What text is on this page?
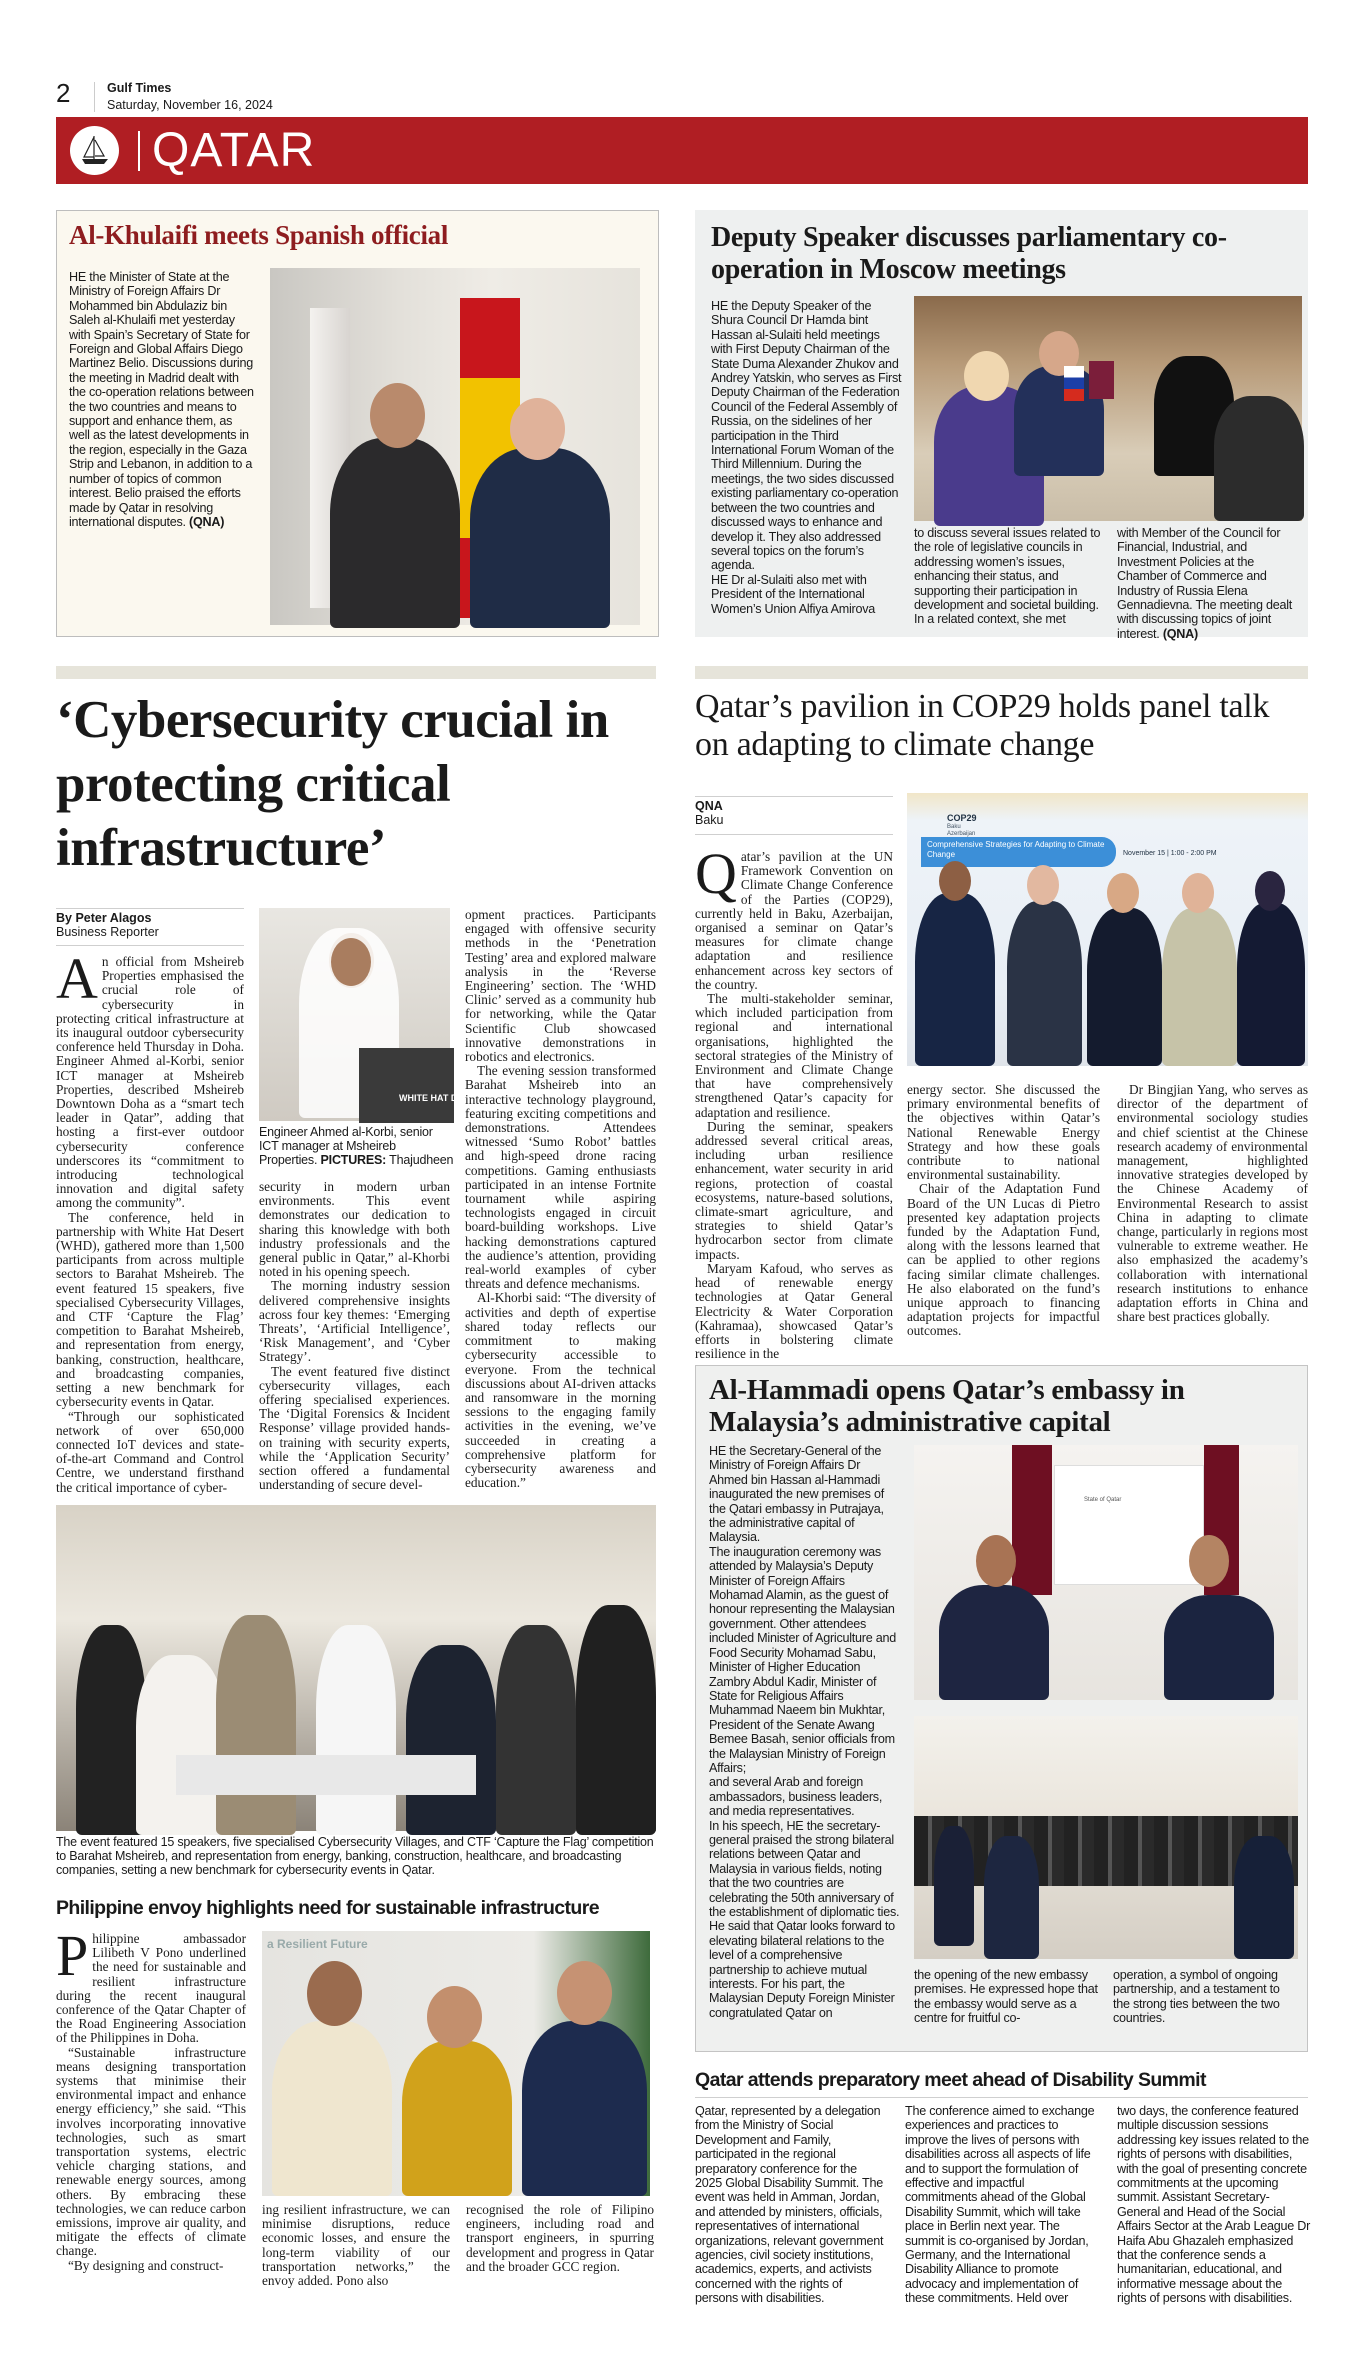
2	Gulf Times
Saturday, November 16, 2024
QATAR
Al-Khulaifi meets Spanish official

HE the Minister of State at the Ministry of Foreign Affairs Dr Mohammed bin Abdulaziz bin Saleh al-Khulaifi met yesterday with Spain’s Secretary of State for Foreign and Global Affairs Diego Martinez Belio. Discussions during the meeting in Madrid dealt with the co-operation relations between the two countries and means to support and enhance them, as well as the latest developments in the region, especially in the Gaza Strip and Lebanon, in addition to a number of topics of common interest. Belio praised the efforts made by Qatar in resolving international disputes. (QNA)

Deputy Speaker discusses parliamentary co-operation in Moscow meetings

HE the Deputy Speaker of the Shura Council Dr Hamda bint Hassan al-Sulaiti held meetings with First Deputy Chairman of the State Duma Alexander Zhukov and Andrey Yatskin, who serves as First Deputy Chairman of the Federation Council of the Federal Assembly of Russia, on the sidelines of her participation in the Third International Forum Woman of the Third Millennium. During the meetings, the two sides discussed existing parliamentary co-operation between the two countries and discussed ways to enhance and develop it. They also addressed several topics on the forum’s agenda.

HE Dr al-Sulaiti also met with President of the International Women’s Union Alfiya Amirova

to discuss several issues related to the role of legislative councils in addressing women’s issues, enhancing their status, and supporting their participation in development and societal building. In a related context, she met

with Member of the Council for Financial, Industrial, and Investment Policies at the Chamber of Commerce and Industry of Russia Elena Gennadievna. The meeting dealt with discussing topics of joint interest. (QNA)

‘Cybersecurity crucial in protecting critical infrastructure’
By Peter Alagos
Business Reporter

An official from Msheireb Properties emphasised the crucial role of cybersecurity in protecting critical infrastructure at its inaugural outdoor cybersecurity conference held Thursday in Doha. Engineer Ahmed al-Korbi, senior ICT manager at Msheireb Properties, described Msheireb Downtown Doha as a “smart tech leader in Qatar”, adding that hosting a first-ever outdoor cybersecurity conference underscores its “commitment to introducing technological innovation and digital safety among the community”.

The conference, held in partnership with White Hat Desert (WHD), gathered more than 1,500 participants from across multiple sectors to Barahat Msheireb. The event featured 15 speakers, five specialised Cybersecurity Villages, and CTF ‘Capture the Flag’ competition to Barahat Msheireb, and representation from energy, banking, construction, healthcare, and broadcasting companies, setting a new benchmark for cybersecurity events in Qatar.

“Through our sophisticated network of over 650,000 connected IoT devices and state-of-the-art Command and Control Centre, we understand firsthand the critical importance of cyber-

WHITE HAT DESERT
Engineer Ahmed al-Korbi, senior ICT manager at Msheireb Properties. PICTURES: Thajudheen

security in modern urban environments. This event demonstrates our dedication to sharing this knowledge with both industry professionals and the general public in Qatar,” al-Khorbi noted in his opening speech.

The morning industry session delivered comprehensive insights across four key themes: ‘Emerging Threats’, ‘Artificial Intelligence’, ‘Risk Management’, and ‘Cyber Strategy’.

The event featured five distinct cybersecurity villages, each offering specialised experiences. The ‘Digital Forensics & Incident Response’ village provided hands-on training with security experts, while the ‘Application Security’ section offered a fundamental understanding of secure devel-

opment practices. Participants engaged with offensive security methods in the ‘Penetration Testing’ area and explored malware analysis in the ‘Reverse Engineering’ section. The ‘WHD Clinic’ served as a community hub for networking, while the Qatar Scientific Club showcased innovative demonstrations in robotics and electronics.

The evening session transformed Barahat Msheireb into an interactive technology playground, featuring exciting competitions and demonstrations. Attendees witnessed ‘Sumo Robot’ battles and high-speed drone racing competitions. Gaming enthusiasts participated in an intense Fortnite tournament while aspiring technologists engaged in circuit board-building workshops. Live hacking demonstrations captured the audience’s attention, providing real-world examples of cyber threats and defence mechanisms.

Al-Khorbi said: “The diversity of activities and depth of expertise shared today reflects our commitment to making cybersecurity accessible to everyone. From the technical discussions about AI-driven attacks and ransomware in the morning sessions to the engaging family activities in the evening, we’ve succeeded in creating a comprehensive platform for cybersecurity awareness and education.”

The event featured 15 speakers, five specialised Cybersecurity Villages, and CTF ‘Capture the Flag’ competition to Barahat Msheireb, and representation from energy, banking, construction, healthcare, and broadcasting companies, setting a new benchmark for cybersecurity events in Qatar.
Philippine envoy highlights need for sustainable infrastructure

Philippine ambassador Lilibeth V Pono underlined the need for sustainable and resilient infrastructure during the recent inaugural conference of the Qatar Chapter of the Road Engineering Association of the Philippines in Doha.

“Sustainable infrastructure means designing transportation systems that minimise their environmental impact and enhance energy efficiency,” she said. “This involves incorporating innovative technologies, such as smart transportation systems, electric vehicle charging stations, and renewable energy sources, among others. By embracing these technologies, we can reduce carbon emissions, improve air quality, and mitigate the effects of climate change.

“By designing and construct-

a Resilient Future

ing resilient infrastructure, we can minimise disruptions, reduce economic losses, and ensure the long-term viability of our transportation networks,” the envoy added. Pono also

recognised the role of Filipino engineers, including road and transport engineers, in spurring development and progress in Qatar and the broader GCC region.

Qatar’s pavilion in COP29 holds panel talk on adapting to climate change
QNA
Baku

Qatar’s pavilion at the UN Framework Convention on Climate Change Conference of the Parties (COP29), currently held in Baku, Azerbaijan, organised a seminar on Qatar’s measures for climate change adaptation and resilience enhancement across key sectors of the country.

The multi-stakeholder seminar, which included participation from regional and international organisations, highlighted the sectoral strategies of the Ministry of Environment and Climate Change that have comprehensively strengthened Qatar’s capacity for adaptation and resilience.

During the seminar, speakers addressed several critical areas, including urban resilience enhancement, water security in arid regions, protection of coastal ecosystems, nature-based solutions, climate-smart agriculture, and strategies to shield Qatar’s hydrocarbon sector from climate impacts.

Maryam Kafoud, who serves as head of renewable energy technologies at Qatar General Electricity & Water Corporation (Kahramaa), showcased Qatar’s efforts in bolstering climate resilience in the

COP29
Baku Azerbaijan
Comprehensive Strategies for Adapting to Climate Change	November 15 | 1:00 - 2:00 PM

energy sector. She discussed the primary environmental benefits of the objectives within Qatar’s National Renewable Energy Strategy and how these goals contribute to national environmental sustainability.

Chair of the Adaptation Fund Board of the UN Lucas di Pietro presented key adaptation projects funded by the Adaptation Fund, along with the lessons learned that can be applied to other regions facing similar climate challenges. He also elaborated on the fund’s unique approach to financing adaptation projects for impactful outcomes.

Dr Bingjian Yang, who serves as director of the department of environmental sociology studies and chief scientist at the Chinese research academy of environmental management, highlighted innovative strategies developed by the Chinese Academy of Environmental Research to assist China in adapting to climate change, particularly in regions most vulnerable to extreme weather. He also emphasized the academy’s collaboration with international research institutions to enhance adaptation efforts in China and share best practices globally.

Al-Hammadi opens Qatar’s embassy in Malaysia’s administrative capital

HE the Secretary-General of the Ministry of Foreign Affairs Dr Ahmed bin Hassan al-Hammadi inaugurated the new premises of the Qatari embassy in Putrajaya, the administrative capital of Malaysia.

The inauguration ceremony was attended by Malaysia’s Deputy Minister of Foreign Affairs Mohamad Alamin, as the guest of honour representing the Malaysian government. Other attendees included Minister of Agriculture and Food Security Mohamad Sabu, Minister of Higher Education Zambry Abdul Kadir, Minister of State for Religious Affairs Muhammad Naeem bin Mukhtar, President of the Senate Awang Bemee Basah, senior officials from the Malaysian Ministry of Foreign Affairs;

and several Arab and foreign ambassadors, business leaders, and media representatives.

In his speech, HE the secretary-general praised the strong bilateral relations between Qatar and Malaysia in various fields, noting that the two countries are celebrating the 50th anniversary of the establishment of diplomatic ties.

He said that Qatar looks forward to elevating bilateral relations to the level of a comprehensive partnership to achieve mutual interests. For his part, the Malaysian Deputy Foreign Minister congratulated Qatar on

State of Qatar

the opening of the new embassy premises. He expressed hope that the embassy would serve as a centre for fruitful co-

operation, a symbol of ongoing partnership, and a testament to the strong ties between the two countries.

Qatar attends preparatory meet ahead of Disability Summit

Qatar, represented by a delegation from the Ministry of Social Development and Family, participated in the regional preparatory conference for the 2025 Global Disability Summit. The event was held in Amman, Jordan, and attended by ministers, officials, representatives of international organizations, relevant government agencies, civil society institutions, academics, experts, and activists concerned with the rights of persons with disabilities.

The conference aimed to exchange experiences and practices to improve the lives of persons with disabilities across all aspects of life and to support the formulation of effective and impactful commitments ahead of the Global Disability Summit, which will take place in Berlin next year. The summit is co-organised by Jordan, Germany, and the International Disability Alliance to promote advocacy and implementation of these commitments. Held over

two days, the conference featured multiple discussion sessions addressing key issues related to the rights of persons with disabilities, with the goal of presenting concrete commitments at the upcoming summit. Assistant Secretary-General and Head of the Social Affairs Sector at the Arab League Dr Haifa Abu Ghazaleh emphasized that the conference sends a humanitarian, educational, and informative message about the rights of persons with disabilities.
